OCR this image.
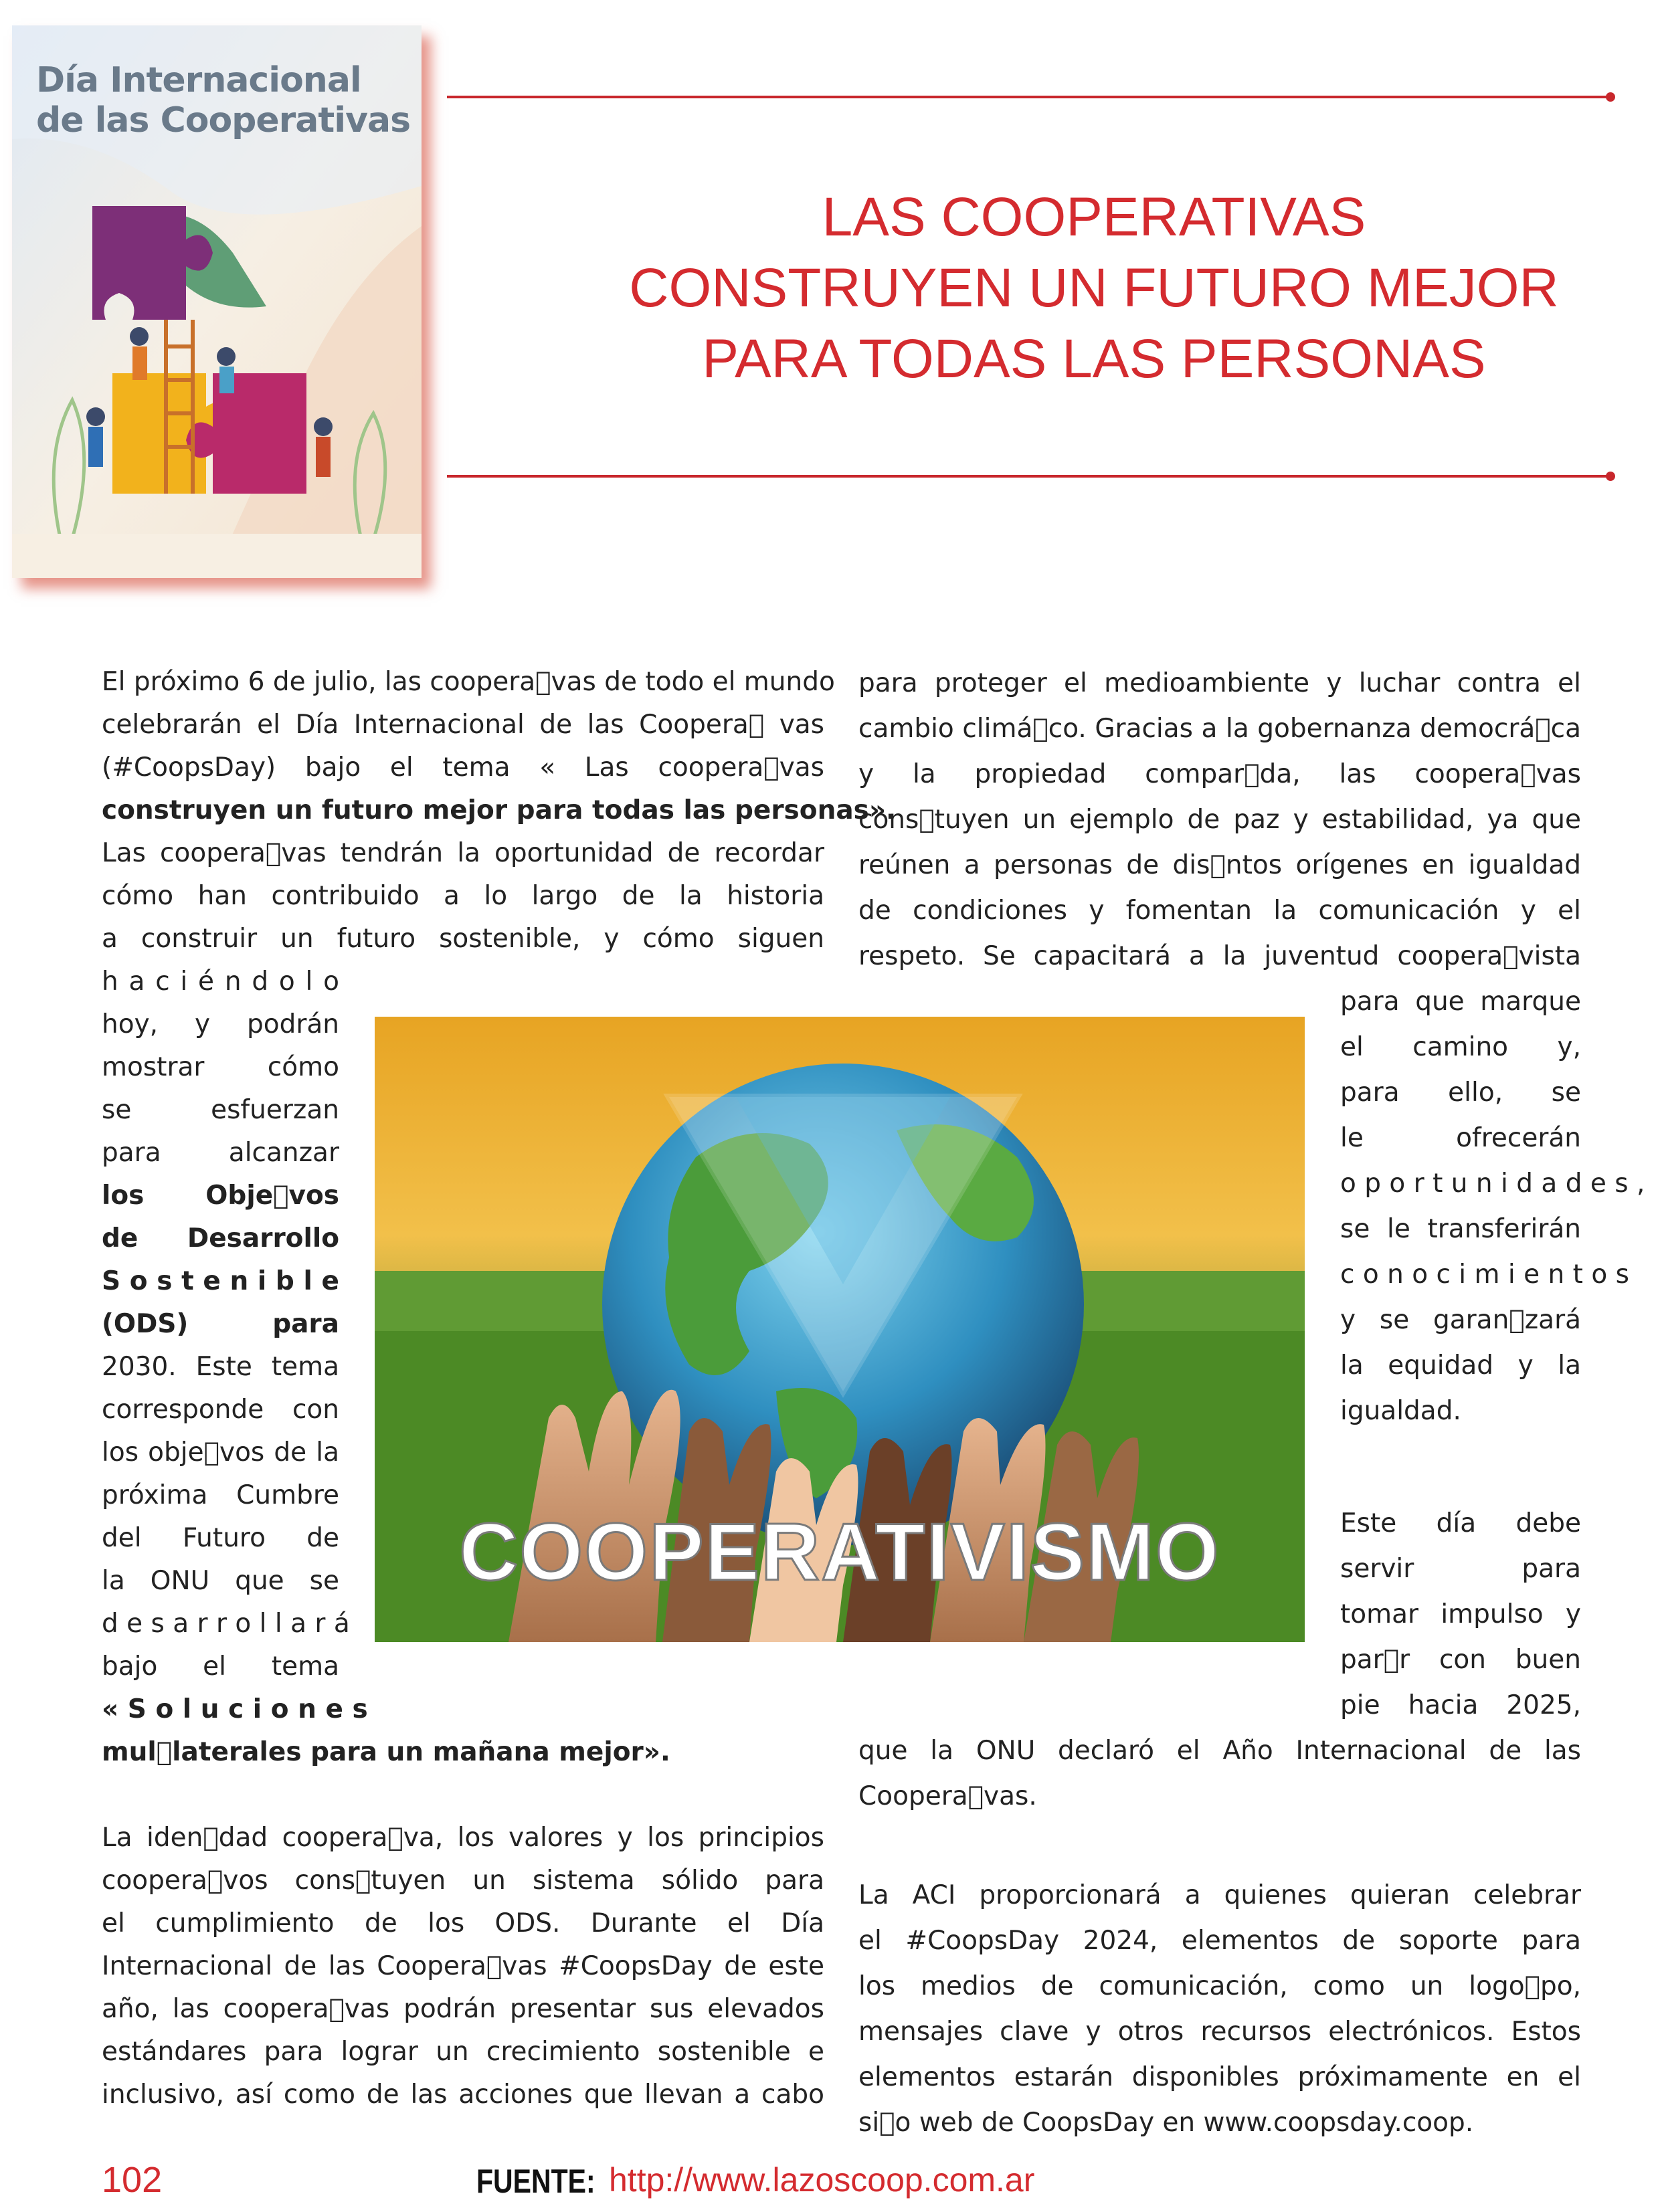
Día Internacional
de las Cooperativas
LAS COOPERATIVAS
CONSTRUYEN UN FUTURO MEJOR
PARA TODAS LAS PERSONAS
El próximo 6 de julio, las coopera vas de todo el mundo
celebrarán el Día Internacional de las Coopera  vas
(#CoopsDay) bajo el tema « Las coopera vas
construyen un futuro mejor para todas las personas».
Las coopera vas tendrán la oportunidad de recordar
cómo han contribuido a lo largo de la historia
a construir un futuro sostenible, y cómo siguen
h a c i é n d o l o
hoy, y podrán
mostrar cómo
se esfuerzan
para alcanzar
los Obje vos
de Desarrollo
S o s t e n i b l e
(ODS) para
2030. Este tema
corresponde con
los obje vos de la
próxima Cumbre
del Futuro de
la ONU que se
d e s a r r o l l a r á
bajo el tema
« S o l u c i o n e s
mul laterales para un mañana mejor».
La iden dad coopera va, los valores y los principios
coopera vos cons tuyen un sistema sólido para
el cumplimiento de los ODS. Durante el Día
Internacional de las Coopera vas #CoopsDay de este
año, las coopera vas podrán presentar sus elevados
estándares para lograr un crecimiento sostenible e
inclusivo, así como de las acciones que llevan a cabo
para proteger el medioambiente y luchar contra el
cambio climá co. Gracias a la gobernanza democrá ca
y la propiedad compar da, las coopera vas
cons tuyen un ejemplo de paz y estabilidad, ya que
reúnen a personas de dis ntos orígenes en igualdad
de condiciones y fomentan la comunicación y el
respeto. Se capacitará a la juventud coopera vista
para que marque
el camino y,
para ello, se
le ofrecerán
o p o r t u n i d a d e s ,
se le transferirán
c o n o c i m i e n t o s
y se garan zará
la equidad y la
igualdad.
Este día debe
servir para
tomar impulso y
par r con buen
pie hacia 2025,
que la ONU declaró el Año Internacional de las
Coopera vas.
La ACI proporcionará a quienes quieran celebrar
el #CoopsDay 2024, elementos de soporte para
los medios de comunicación, como un logo po,
mensajes clave y otros recursos electrónicos. Estos
elementos estarán disponibles próximamente en el
si o web de CoopsDay en www.coopsday.coop.
COOPERATIVISMO
102	FUENTE: http://www.lazoscoop.com.ar
